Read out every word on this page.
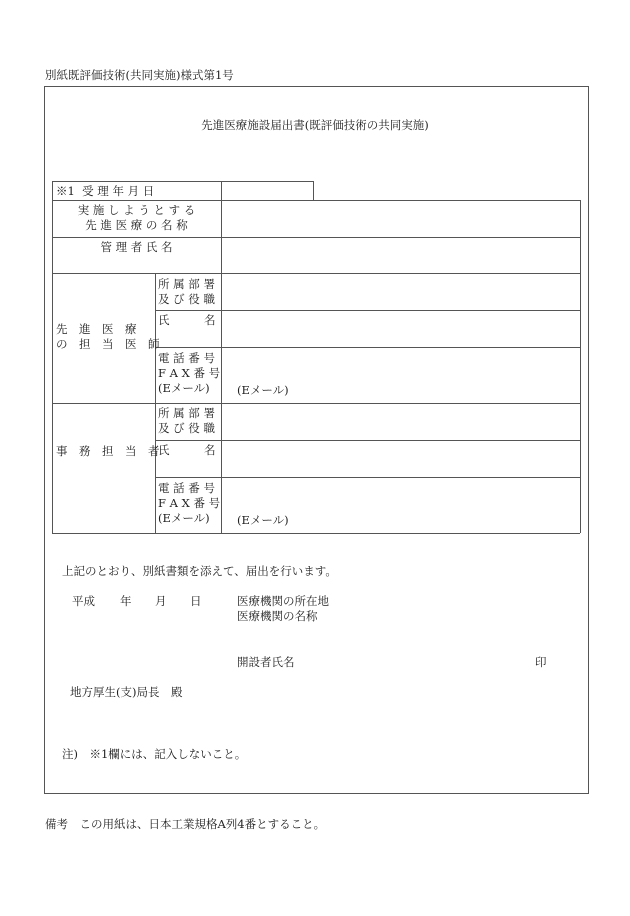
別紙既評価技術(共同実施)様式第1号
先進医療施設届出書(既評価技術の共同実施)
※1  受 理 年 月 日
実 施 し よ う と す る
先 進 医 療 の 名 称
管 理 者 氏 名
先　進　医　療
の　担　当　医　師
所 属 部 署
及 び 役 職
氏　　　名
電 話 番 号
F A X 番 号
(Eメール) (Eメール)
事　務　担　当　者
所 属 部 署
及 び 役 職
氏　　　名
電 話 番 号
F A X 番 号
(Eメール) (Eメール)
上記のとおり、別紙書類を添えて、届出を行います。
平成 年 月 日	医療機関の所在地
医療機関の名称
開設者氏名	印
地方厚生(支)局長　殿
注)　※1欄には、記入しないこと。
備考　この用紙は、日本工業規格A列4番とすること。
